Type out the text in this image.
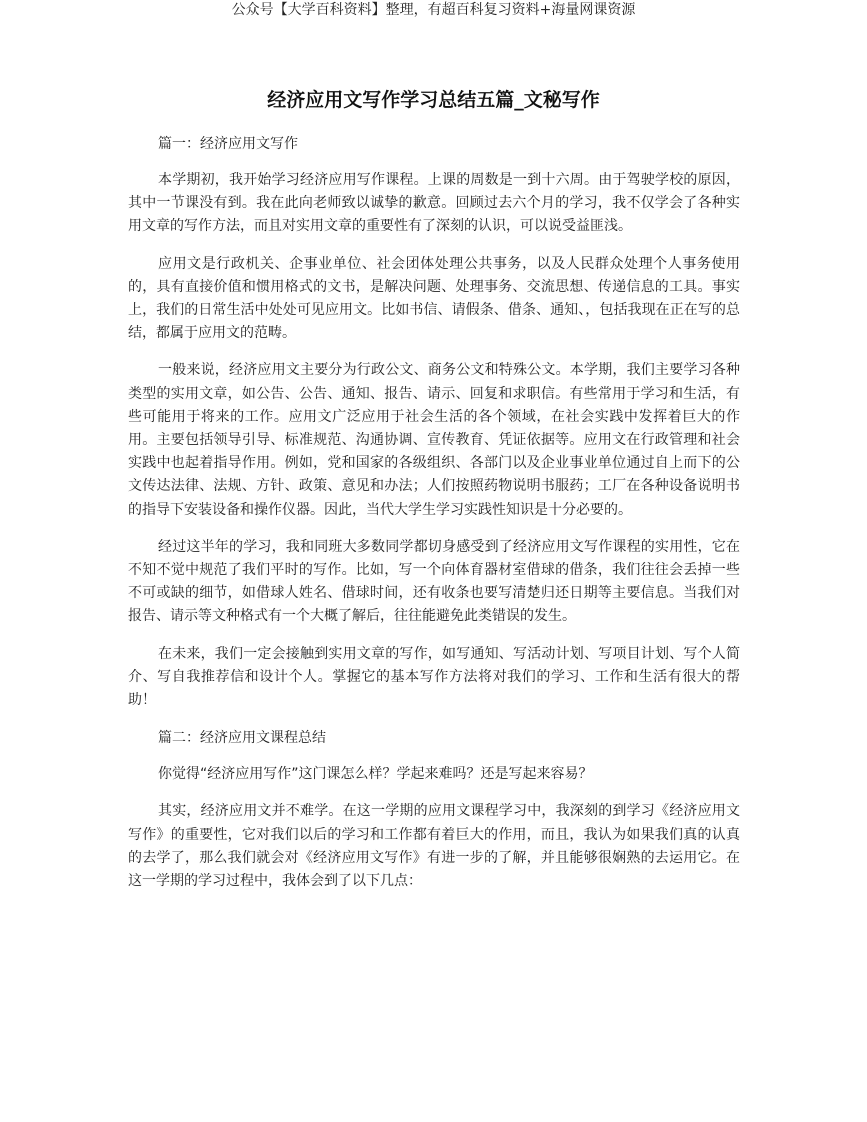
公众号【大学百科资料】整理，有超百科复习资料+海量网课资源
经济应用文写作学习总结五篇_文秘写作

篇一：经济应用文写作

本学期初，我开始学习经济应用写作课程。上课的周数是一到十六周。由于驾驶学校的原因，其中一节课没有到。我在此向老师致以诚挚的歉意。回顾过去六个月的学习，我不仅学会了各种实用文章的写作方法，而且对实用文章的重要性有了深刻的认识，可以说受益匪浅。

应用文是行政机关、企事业单位、社会团体处理公共事务，以及人民群众处理个人事务使用的，具有直接价值和惯用格式的文书，是解决问题、处理事务、交流思想、传递信息的工具。事实上，我们的日常生活中处处可见应用文。比如书信、请假条、借条、通知、，包括我现在正在写的总结，都属于应用文的范畴。

一般来说，经济应用文主要分为行政公文、商务公文和特殊公文。本学期，我们主要学习各种类型的实用文章，如公告、公告、通知、报告、请示、回复和求职信。有些常用于学习和生活，有些可能用于将来的工作。应用文广泛应用于社会生活的各个领域，在社会实践中发挥着巨大的作用。主要包括领导引导、标准规范、沟通协调、宣传教育、凭证依据等。应用文在行政管理和社会实践中也起着指导作用。例如，党和国家的各级组织、各部门以及企业事业单位通过自上而下的公文传达法律、法规、方针、政策、意见和办法；人们按照药物说明书服药；工厂在各种设备说明书的指导下安装设备和操作仪器。因此，当代大学生学习实践性知识是十分必要的。

经过这半年的学习，我和同班大多数同学都切身感受到了经济应用文写作课程的实用性，它在不知不觉中规范了我们平时的写作。比如，写一个向体育器材室借球的借条，我们往往会丢掉一些不可或缺的细节，如借球人姓名、借球时间，还有收条也要写清楚归还日期等主要信息。当我们对报告、请示等文种格式有一个大概了解后，往往能避免此类错误的发生。

在未来，我们一定会接触到实用文章的写作，如写通知、写活动计划、写项目计划、写个人简介、写自我推荐信和设计个人。掌握它的基本写作方法将对我们的学习、工作和生活有很大的帮助！

篇二：经济应用文课程总结

你觉得“经济应用写作”这门课怎么样？学起来难吗？还是写起来容易？

其实，经济应用文并不难学。在这一学期的应用文课程学习中，我深刻的到学习《经济应用文写作》的重要性，它对我们以后的学习和工作都有着巨大的作用，而且，我认为如果我们真的认真的去学了，那么我们就会对《经济应用文写作》有进一步的了解，并且能够很娴熟的去运用它。在这一学期的学习过程中，我体会到了以下几点：
